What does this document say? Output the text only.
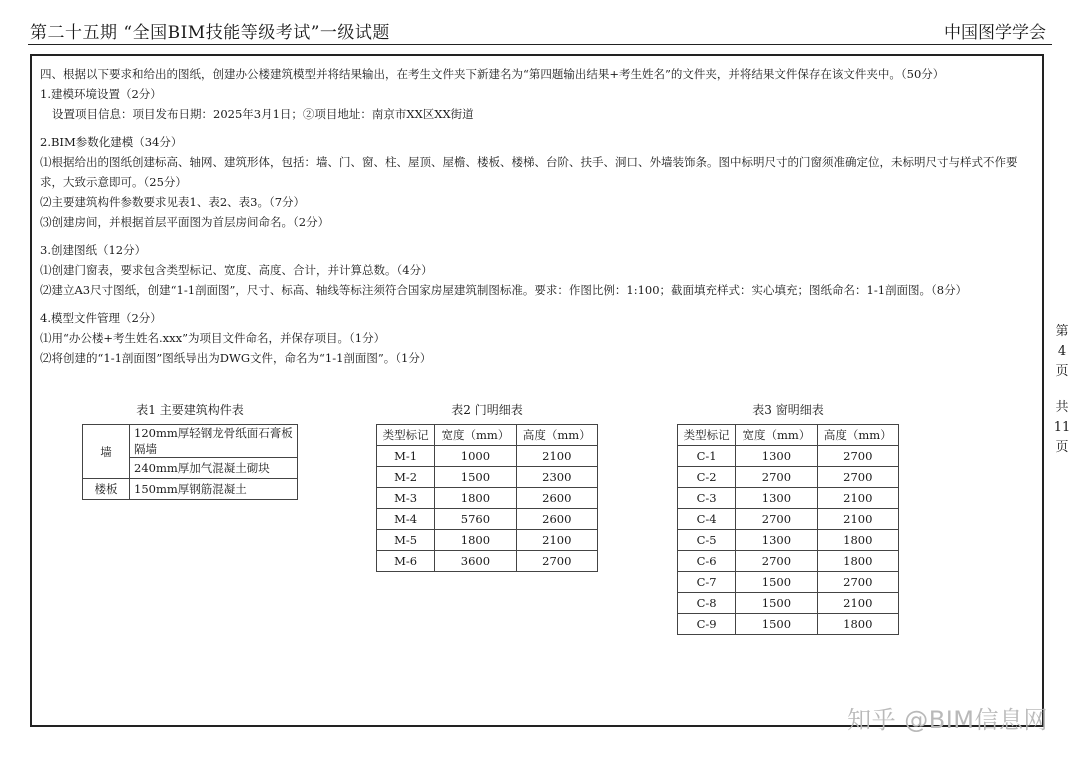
第二十五期 “全国BIM技能等级考试”一级试题	中国图学学会
四、根据以下要求和给出的图纸，创建办公楼建筑模型并将结果输出，在考生文件夹下新建名为“第四题输出结果+考生姓名”的文件夹，并将结果文件保存在该文件夹中。（50分）
1.建模环境设置（2分）
设置项目信息：项目发布日期：2025年3月1日；②项目地址：南京市XX区XX街道
2.BIM参数化建模（34分）
⑴根据给出的图纸创建标高、轴网、建筑形体，包括：墙、门、窗、柱、屋顶、屋檐、楼板、楼梯、台阶、扶手、洞口、外墙装饰条。图中标明尺寸的门窗须准确定位，未标明尺寸与样式不作要求，大致示意即可。（25分）
⑵主要建筑构件参数要求见表1、表2、表3。（7分）
⑶创建房间，并根据首层平面图为首层房间命名。（2分）
3.创建图纸（12分）
⑴创建门窗表，要求包含类型标记、宽度、高度、合计，并计算总数。（4分）
⑵建立A3尺寸图纸，创建“1-1剖面图”，尺寸、标高、轴线等标注须符合国家房屋建筑制图标准。要求：作图比例：1:100；截面填充样式：实心填充；图纸命名：1-1剖面图。（8分）
4.模型文件管理（2分）
⑴用“办公楼+考生姓名.xxx”为项目文件命名，并保存项目。（1分）
⑵将创建的“1-1剖面图”图纸导出为DWG文件，命名为“1-1剖面图”。（1分）
第
4
页
共
11
页
表1 主要建筑构件表
墙	120mm厚轻钢龙骨纸面石膏板隔墙
	240mm厚加气混凝土砌块
楼板	150mm厚钢筋混凝土
表2 门明细表
类型标记	宽度（mm）	高度（mm）
M-1	1000	2100
M-2	1500	2300
M-3	1800	2600
M-4	5760	2600
M-5	1800	2100
M-6	3600	2700
表3 窗明细表
类型标记	宽度（mm）	高度（mm）
C-1	1300	2700
C-2	2700	2700
C-3	1300	2100
C-4	2700	2100
C-5	1300	1800
C-6	2700	1800
C-7	1500	2700
C-8	1500	2100
C-9	1500	1800
知乎 @BIM信息网
